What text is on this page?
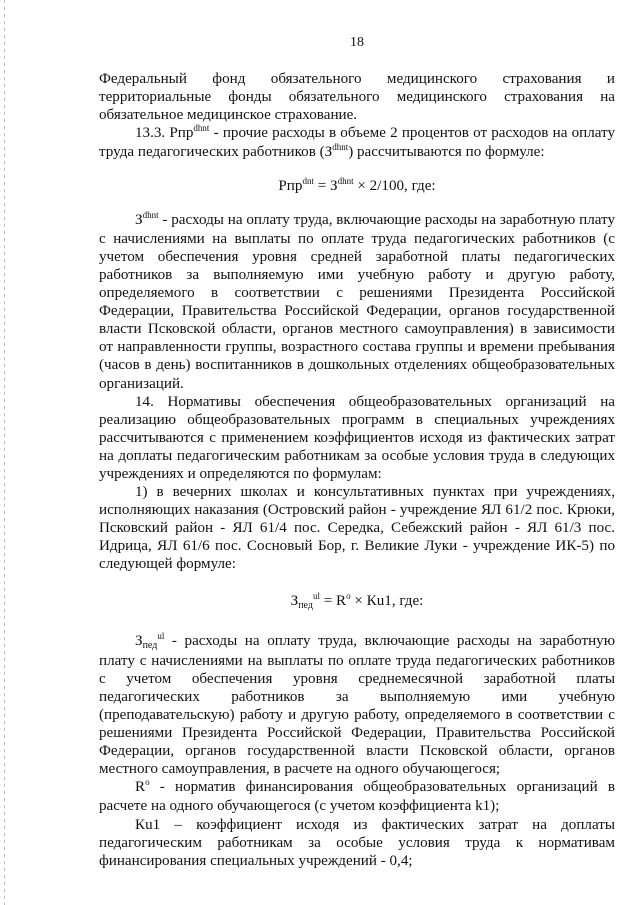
18

Федеральный фонд обязательного медицинского страхования и территориальные фонды обязательного медицинского страхования на обязательное медицинское страхование.

13.3. Рпр$^{dhnt}$ - прочие расходы в объеме 2 процентов от расходов на оплату труда педагогических работников $(З^{dhnt})$ рассчитываются по формуле:

$Рпр^{dnt} = З^{dhnt} \times 2/100$, где:

$З^{dhnt}$ - расходы на оплату труда, включающие расходы на заработную плату с начислениями на выплаты по оплате труда педагогических работников (с учетом обеспечения уровня средней заработной платы педагогических работников за выполняемую ими учебную работу и другую работу, определяемого в соответствии с решениями Президента Российской Федерации, Правительства Российской Федерации, органов государственной власти Псковской области, органов местного самоуправления) в зависимости от направленности группы, возрастного состава группы и времени пребывания (часов в день) воспитанников в дошкольных отделениях общеобразовательных организаций.

14. Нормативы обеспечения общеобразовательных организаций на реализацию общеобразовательных программ в специальных учреждениях рассчитываются с применением коэффициентов исходя из фактических затрат на доплаты педагогическим работникам за особые условия труда в следующих учреждениях и определяются по формулам:

1) в вечерних школах и консультативных пунктах при учреждениях, исполняющих наказания (Островский район - учреждение ЯЛ 61/2 пос. Крюки, Псковский район - ЯЛ 61/4 пос. Середка, Себежский район - ЯЛ 61/3 пос. Идрица, ЯЛ 61/6 пос. Сосновый Бор, г. Великие Луки - учреждение ИК-5) по следующей формуле:

$З_{пед}^{ul} = R^o \times Кu1$, где:

$З_{пед}^{ul}$ - расходы на оплату труда, включающие расходы на заработную плату с начислениями на выплаты по оплате труда педагогических работников с учетом обеспечения уровня среднемесячной заработной платы педагогических работников за выполняемую ими учебную (преподавательскую) работу и другую работу, определяемого в соответствии с решениями Президента Российской Федерации, Правительства Российской Федерации, органов государственной власти Псковской области, органов местного самоуправления, в расчете на одного обучающегося;

$R^o$ - норматив финансирования общеобразовательных организаций в расчете на одного обучающегося (с учетом коэффициента k1);

Кu1 – коэффициент исходя из фактических затрат на доплаты педагогическим работникам за особые условия труда к нормативам финансирования специальных учреждений - 0,4;
